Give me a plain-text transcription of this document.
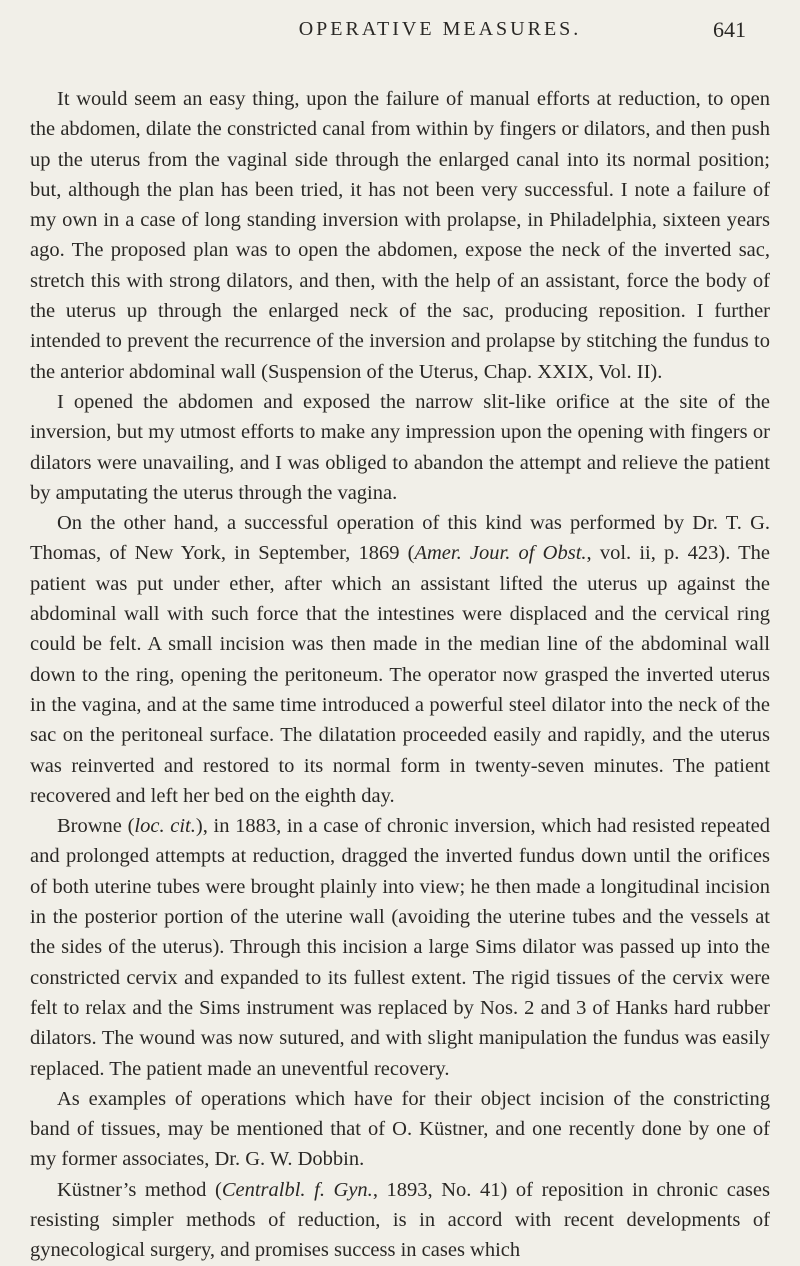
OPERATIVE MEASURES.	641

It would seem an easy thing, upon the failure of manual efforts at reduction, to open the abdomen, dilate the constricted canal from within by fingers or dilators, and then push up the uterus from the vaginal side through the enlarged canal into its normal position; but, although the plan has been tried, it has not been very successful. I note a failure of my own in a case of long standing inversion with prolapse, in Philadelphia, sixteen years ago. The proposed plan was to open the abdomen, expose the neck of the inverted sac, stretch this with strong dilators, and then, with the help of an assistant, force the body of the uterus up through the enlarged neck of the sac, producing reposition. I further intended to prevent the recurrence of the inversion and prolapse by stitching the fundus to the anterior abdominal wall (Suspension of the Uterus, Chap. XXIX, Vol. II).

I opened the abdomen and exposed the narrow slit-like orifice at the site of the inversion, but my utmost efforts to make any impression upon the opening with fingers or dilators were unavailing, and I was obliged to abandon the attempt and relieve the patient by amputating the uterus through the vagina.

On the other hand, a successful operation of this kind was performed by Dr. T. G. Thomas, of New York, in September, 1869 (Amer. Jour. of Obst., vol. ii, p. 423). The patient was put under ether, after which an assistant lifted the uterus up against the abdominal wall with such force that the intestines were displaced and the cervical ring could be felt. A small incision was then made in the median line of the abdominal wall down to the ring, opening the peritoneum. The operator now grasped the inverted uterus in the vagina, and at the same time introduced a powerful steel dilator into the neck of the sac on the peritoneal surface. The dilatation proceeded easily and rapidly, and the uterus was reinverted and restored to its normal form in twenty-seven minutes. The patient recovered and left her bed on the eighth day.

Browne (loc. cit.), in 1883, in a case of chronic inversion, which had resisted repeated and prolonged attempts at reduction, dragged the inverted fundus down until the orifices of both uterine tubes were brought plainly into view; he then made a longitudinal incision in the posterior portion of the uterine wall (avoiding the uterine tubes and the vessels at the sides of the uterus). Through this incision a large Sims dilator was passed up into the constricted cervix and expanded to its fullest extent. The rigid tissues of the cervix were felt to relax and the Sims instrument was replaced by Nos. 2 and 3 of Hanks hard rubber dilators. The wound was now sutured, and with slight manipulation the fundus was easily replaced. The patient made an uneventful recovery.

As examples of operations which have for their object incision of the constricting band of tissues, may be mentioned that of O. Küstner, and one recently done by one of my former associates, Dr. G. W. Dobbin.

Küstner’s method (Centralbl. f. Gyn., 1893, No. 41) of reposition in chronic cases resisting simpler methods of reduction, is in accord with recent developments of gynecological surgery, and promises success in cases which
